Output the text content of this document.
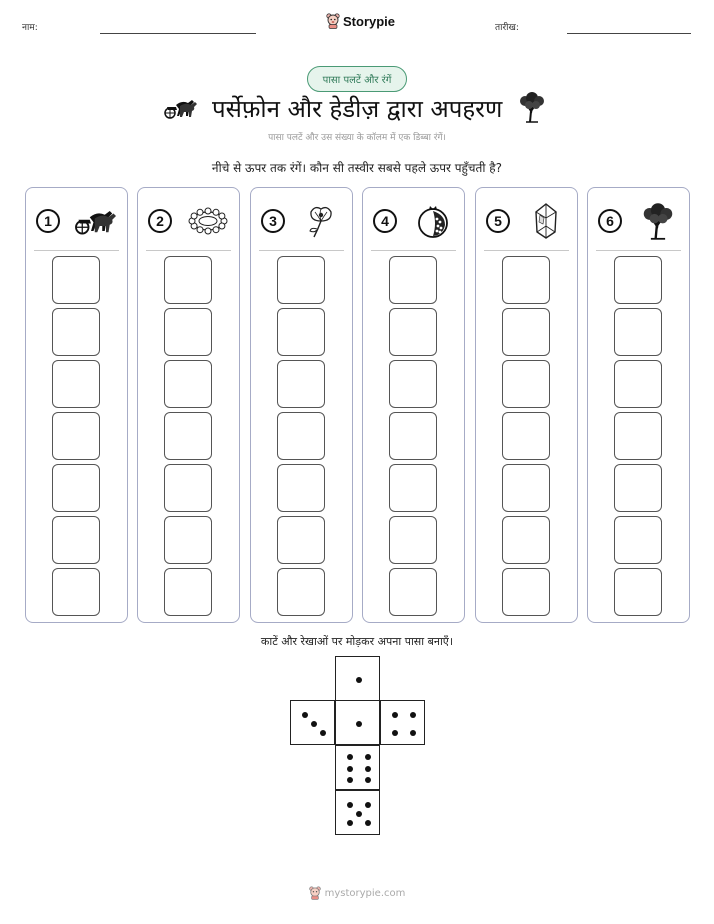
नाम:	Storypie	तारीख:
पासा पलटें और रंगें
पर्सेफ़ोन और हेडीज़ द्वारा अपहरण
पासा पलटें और उस संख्या के कॉलम में एक डिब्बा रंगें।
नीचे से ऊपर तक रंगें। कौन सी तस्वीर सबसे पहले ऊपर पहुँचती है?
1	2	3	4	5	6
काटें और रेखाओं पर मोड़कर अपना पासा बनाएँ।
mystorypie.com
